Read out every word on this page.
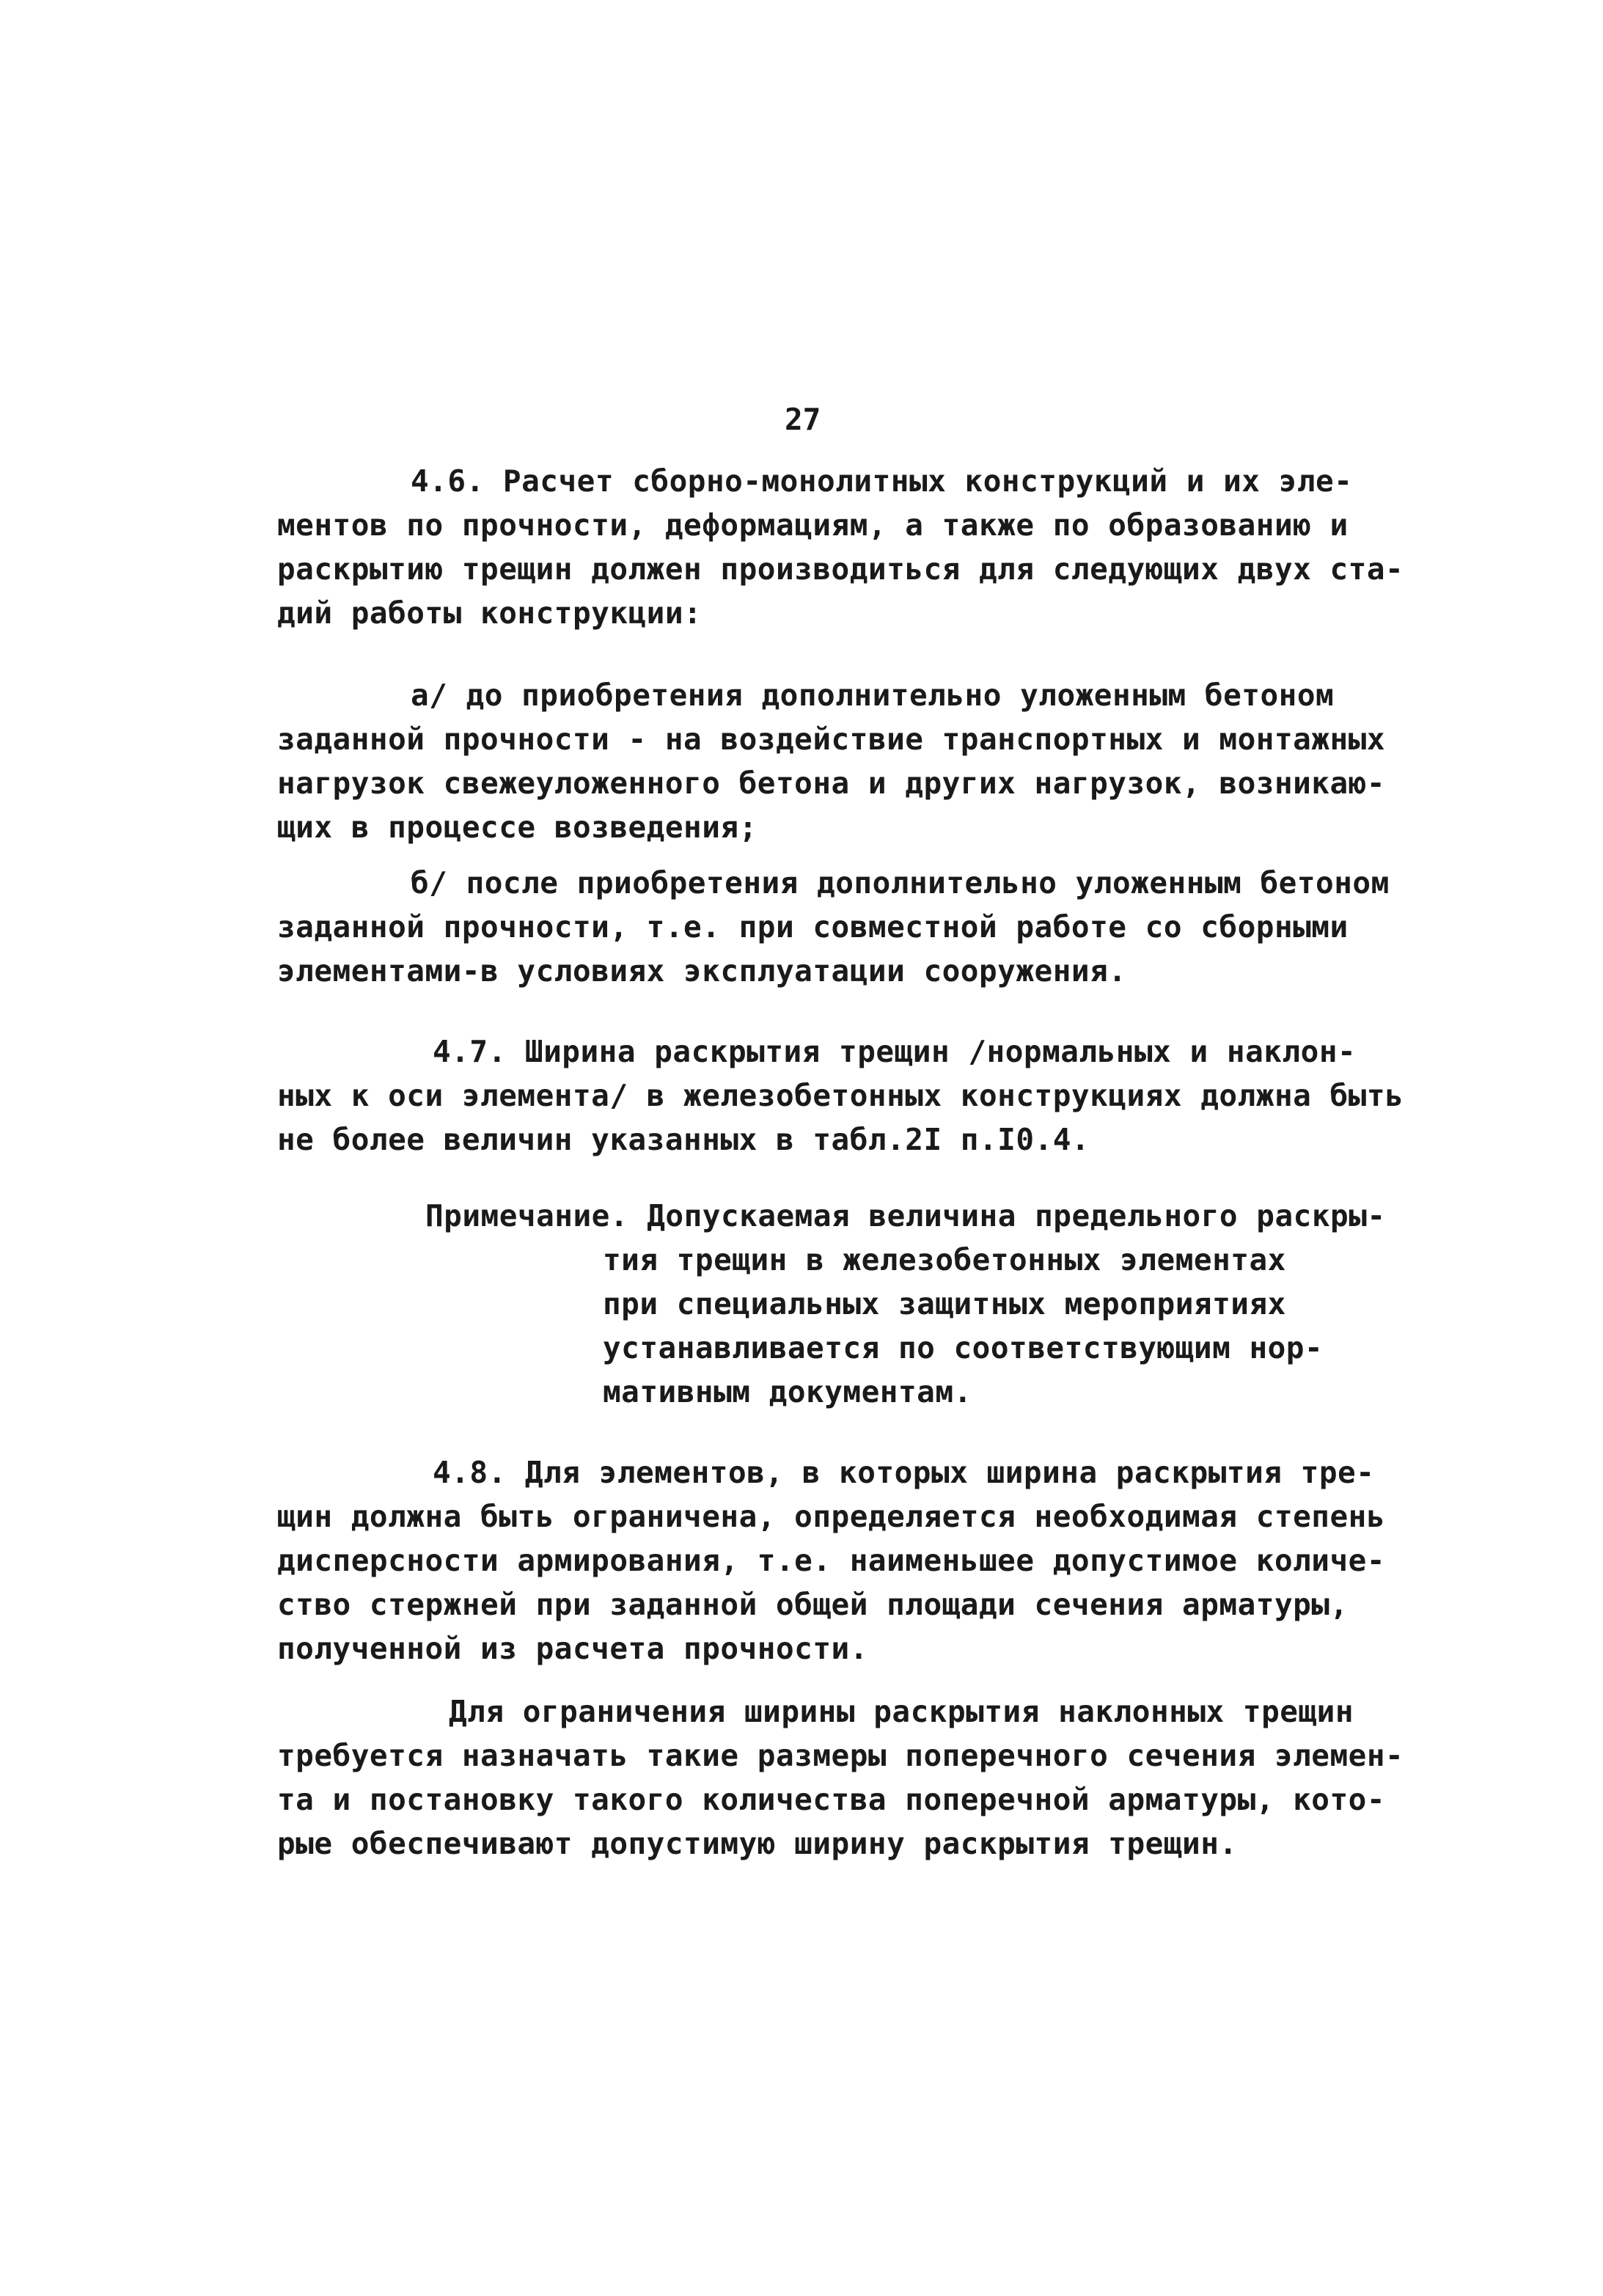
27
4.6. Расчет сборно-монолитных конструкций и их эле-
ментов по прочности, деформациям, а также по образованию и
раскрытию трещин должен производиться для следующих двух ста-
дий работы конструкции:
а/ до приобретения дополнительно уложенным бетоном
заданной прочности - на воздействие транспортных и монтажных
нагрузок свежеуложенного бетона и других нагрузок, возникаю-
щих в процессе возведения;
б/ после приобретения дополнительно уложенным бетоном
заданной прочности, т.е. при совместной работе со сборными
элементами-в условиях эксплуатации сооружения.
4.7. Ширина раскрытия трещин /нормальных и наклон-
ных к оси элемента/ в железобетонных конструкциях должна быть
не более величин указанных в табл.2I п.I0.4.
Примечание. Допускаемая величина предельного раскры-
тия трещин в железобетонных элементах
при специальных защитных мероприятиях
устанавливается по соответствующим нор-
мативным документам.
4.8. Для элементов, в которых ширина раскрытия тре-
щин должна быть ограничена, определяется необходимая степень
дисперсности армирования, т.е. наименьшее допустимое количе-
ство стержней при заданной общей площади сечения арматуры,
полученной из расчета прочности.
Для ограничения ширины раскрытия наклонных трещин
требуется назначать такие размеры поперечного сечения элемен-
та и постановку такого количества поперечной арматуры, кото-
рые обеспечивают допустимую ширину раскрытия трещин.
